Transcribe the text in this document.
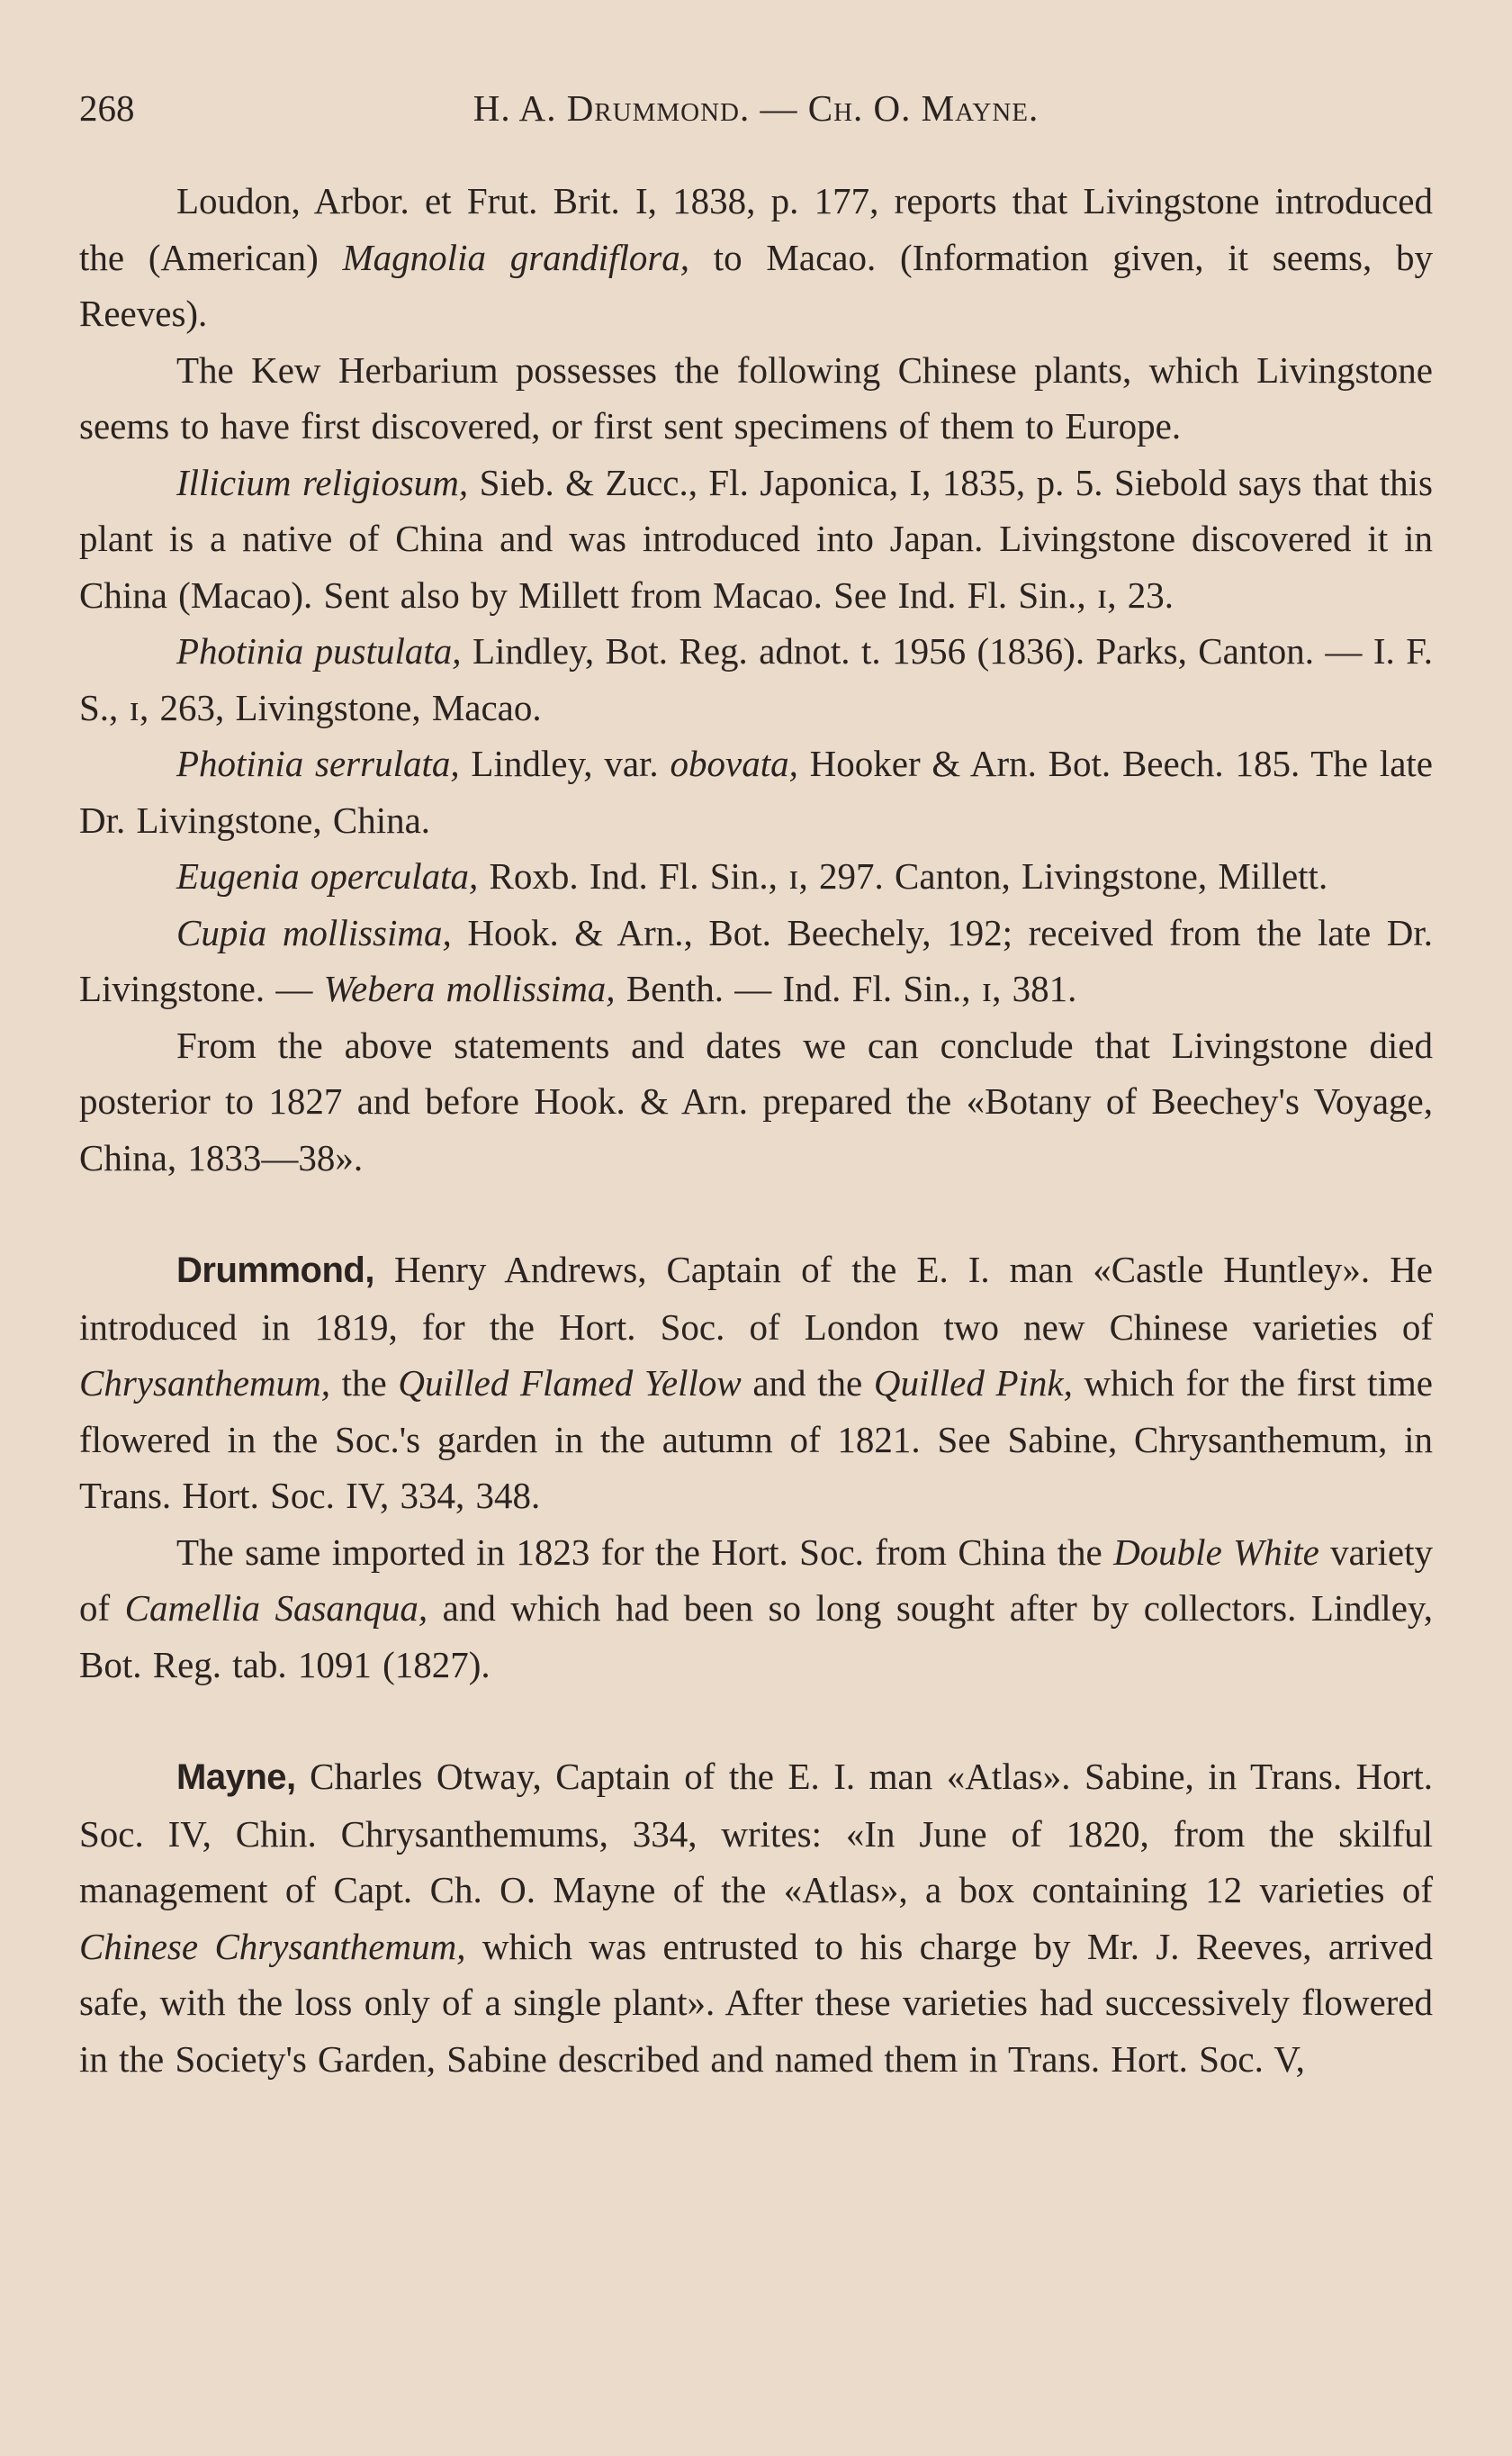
268	H. A. Drummond. — Ch. O. Mayne.

Loudon, Arbor. et Frut. Brit. I, 1838, p. 177, reports that Livingstone introduced the (American) Magnolia grandiflora, to Macao. (Information given, it seems, by Reeves).

The Kew Herbarium possesses the following Chinese plants, which Livingstone seems to have first discovered, or first sent specimens of them to Europe.

Illicium religiosum, Sieb. & Zucc., Fl. Japonica, I, 1835, p. 5. Siebold says that this plant is a native of China and was introduced into Japan. Livingstone discovered it in China (Macao). Sent also by Millett from Macao. See Ind. Fl. Sin., ɪ, 23.

Photinia pustulata, Lindley, Bot. Reg. adnot. t. 1956 (1836). Parks, Canton. — I. F. S., ɪ, 263, Livingstone, Macao.

Photinia serrulata, Lindley, var. obovata, Hooker & Arn. Bot. Beech. 185. The late Dr. Livingstone, China.

Eugenia operculata, Roxb. Ind. Fl. Sin., ɪ, 297. Canton, Livingstone, Millett.

Cupia mollissima, Hook. & Arn., Bot. Beechely, 192; received from the late Dr. Livingstone. — Webera mollissima, Benth. — Ind. Fl. Sin., ɪ, 381.

From the above statements and dates we can conclude that Livingstone died posterior to 1827 and before Hook. & Arn. prepared the «Botany of Beechey's Voyage, China, 1833—38».

Drummond, Henry Andrews, Captain of the E. I. man «Castle Huntley». He introduced in 1819, for the Hort. Soc. of London two new Chinese varieties of Chrysanthemum, the Quilled Flamed Yellow and the Quilled Pink, which for the first time flowered in the Soc.'s garden in the autumn of 1821. See Sabine, Chrysanthemum, in Trans. Hort. Soc. IV, 334, 348.

The same imported in 1823 for the Hort. Soc. from China the Double White variety of Camellia Sasanqua, and which had been so long sought after by collectors. Lindley, Bot. Reg. tab. 1091 (1827).

Mayne, Charles Otway, Captain of the E. I. man «Atlas». Sabine, in Trans. Hort. Soc. IV, Chin. Chrysanthemums, 334, writes: «In June of 1820, from the skilful management of Capt. Ch. O. Mayne of the «Atlas», a box containing 12 varieties of Chinese Chrysanthemum, which was entrusted to his charge by Mr. J. Reeves, arrived safe, with the loss only of a single plant». After these varieties had successively flowered in the Society's Garden, Sabine described and named them in Trans. Hort. Soc. V,
